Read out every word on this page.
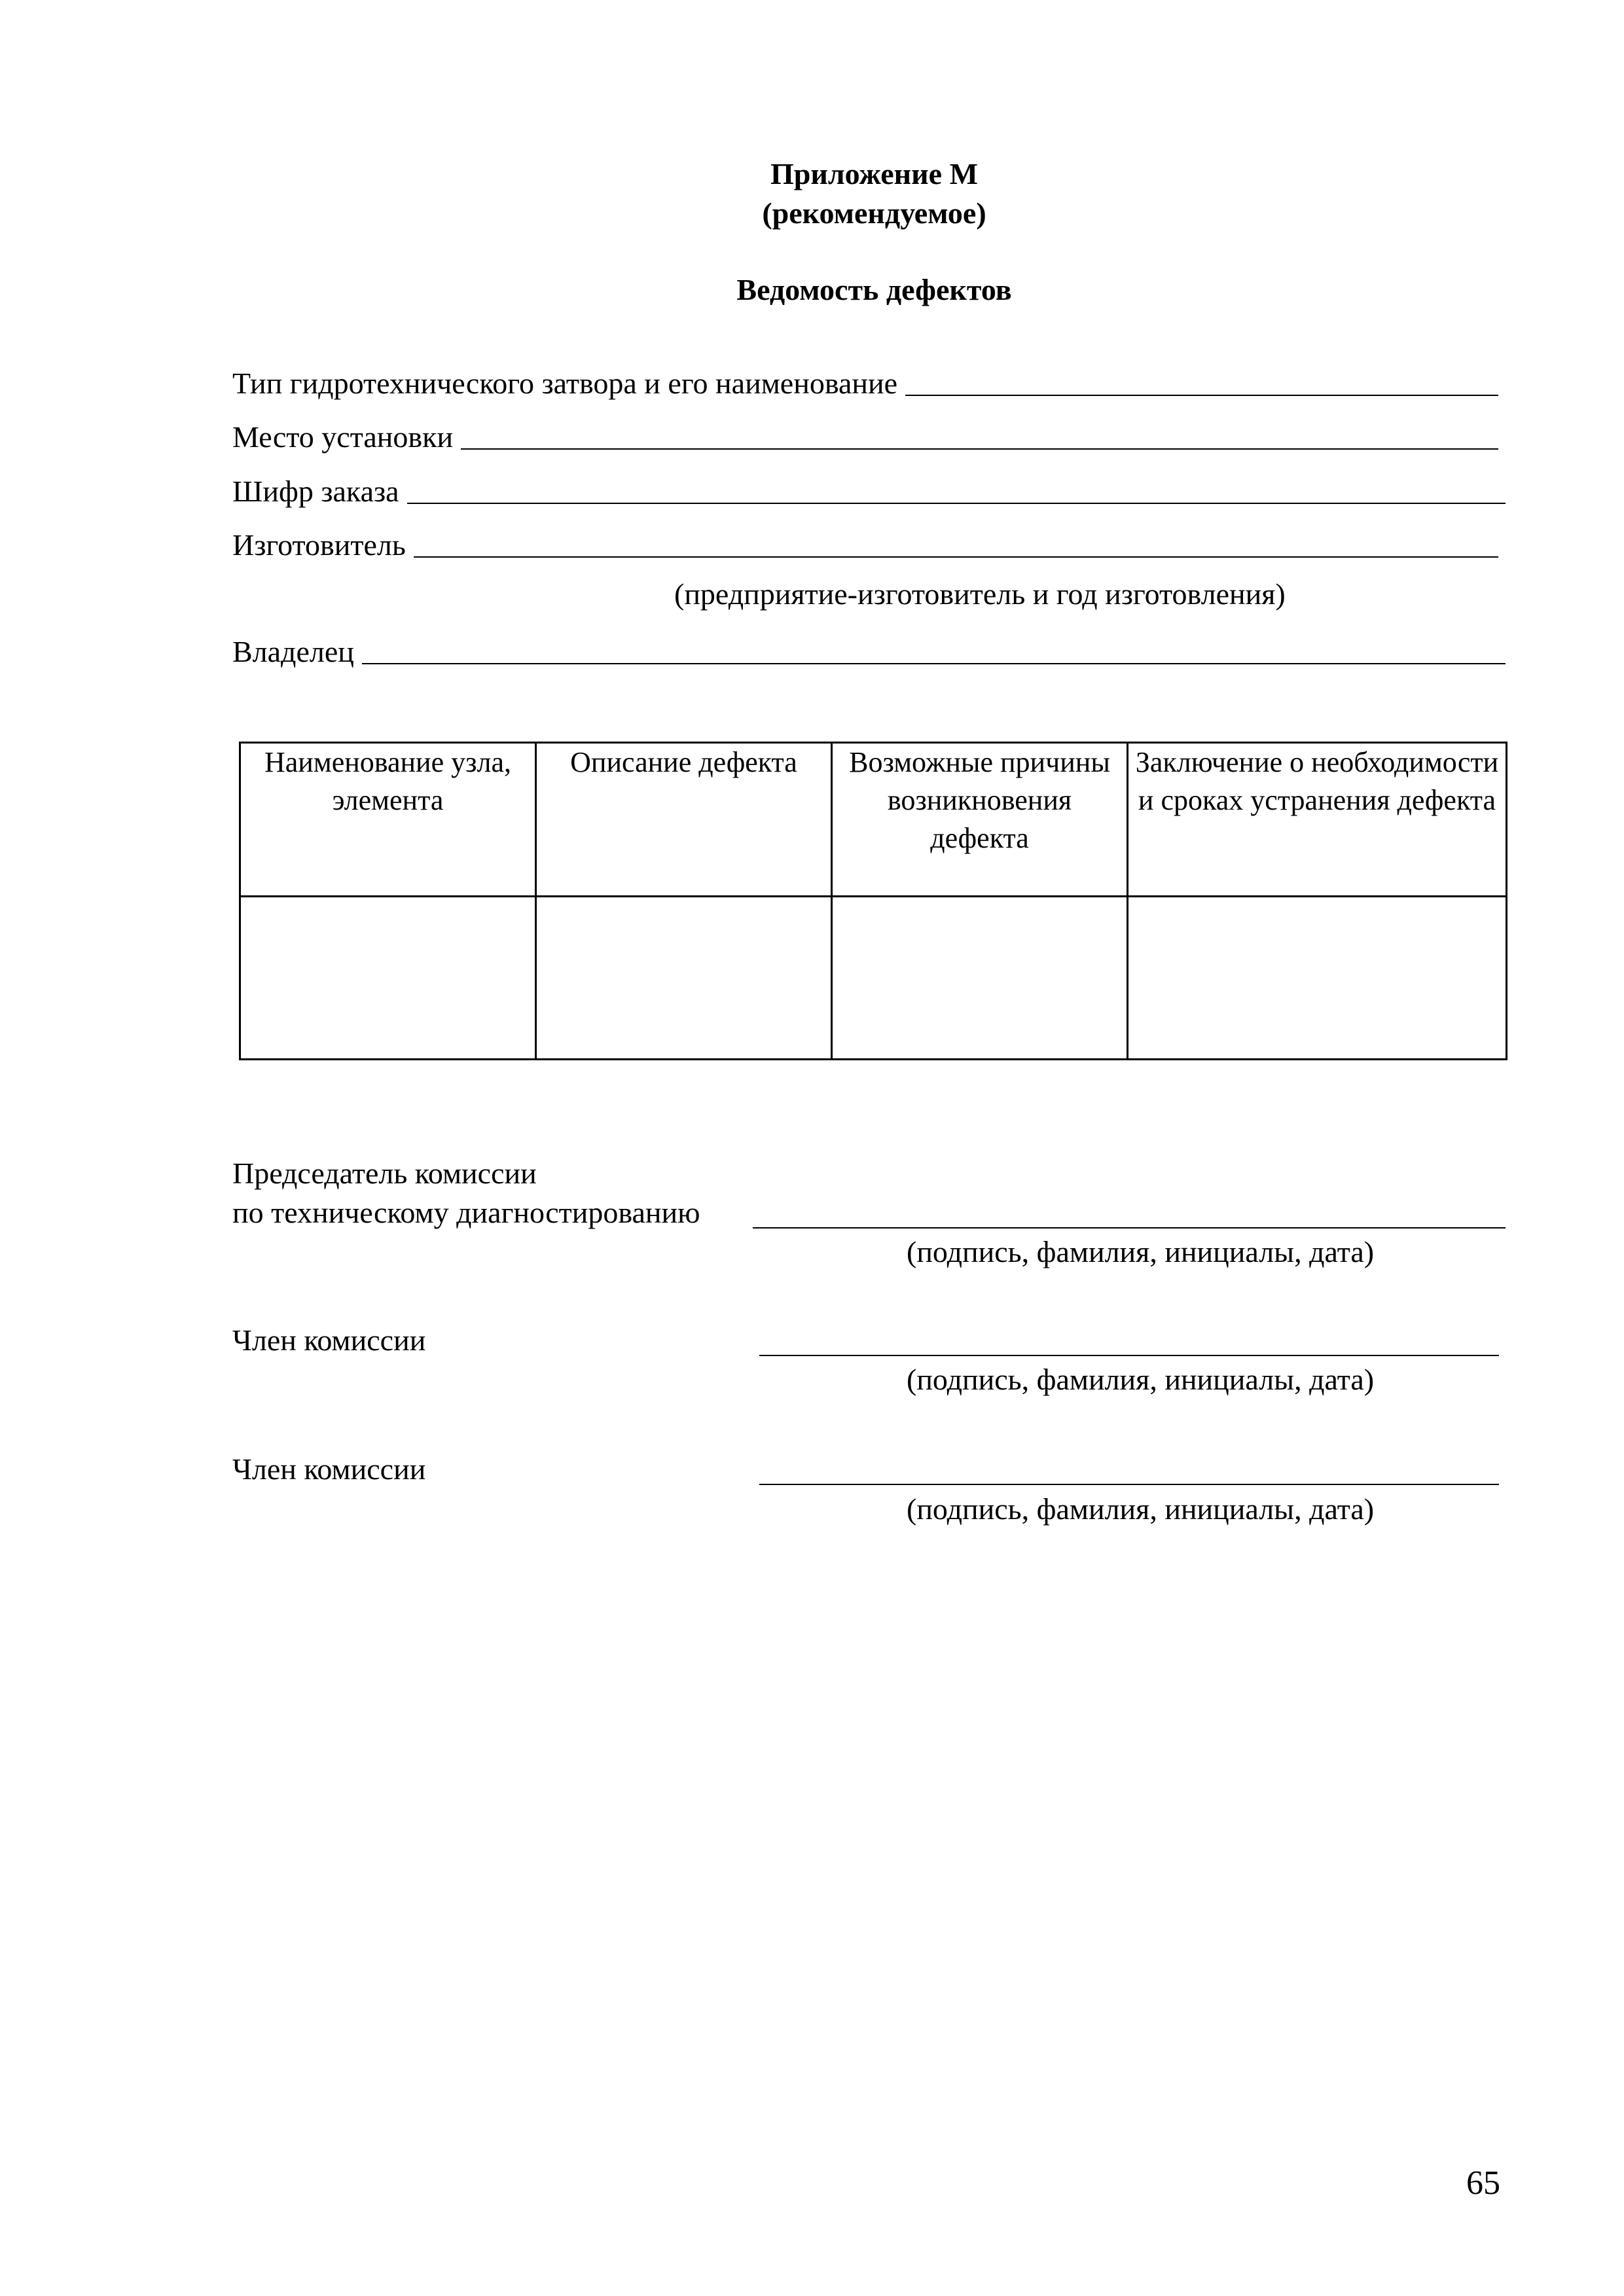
Приложение М
(рекомендуемое)
Ведомость дефектов
Тип гидротехнического затвора и его наименование
Место установки
Шифр заказа
Изготовитель
(предприятие-изготовитель и год изготовления)
Владелец
Наименование узла, элемента	Описание дефекта	Возможные причины возникновения дефекта	Заключение о необходимости и сроках устранения дефекта

Председатель комиссии
по техническому диагностированию
(подпись, фамилия, инициалы, дата)
Член комиссии
(подпись, фамилия, инициалы, дата)
Член комиссии
(подпись, фамилия, инициалы, дата)
65
